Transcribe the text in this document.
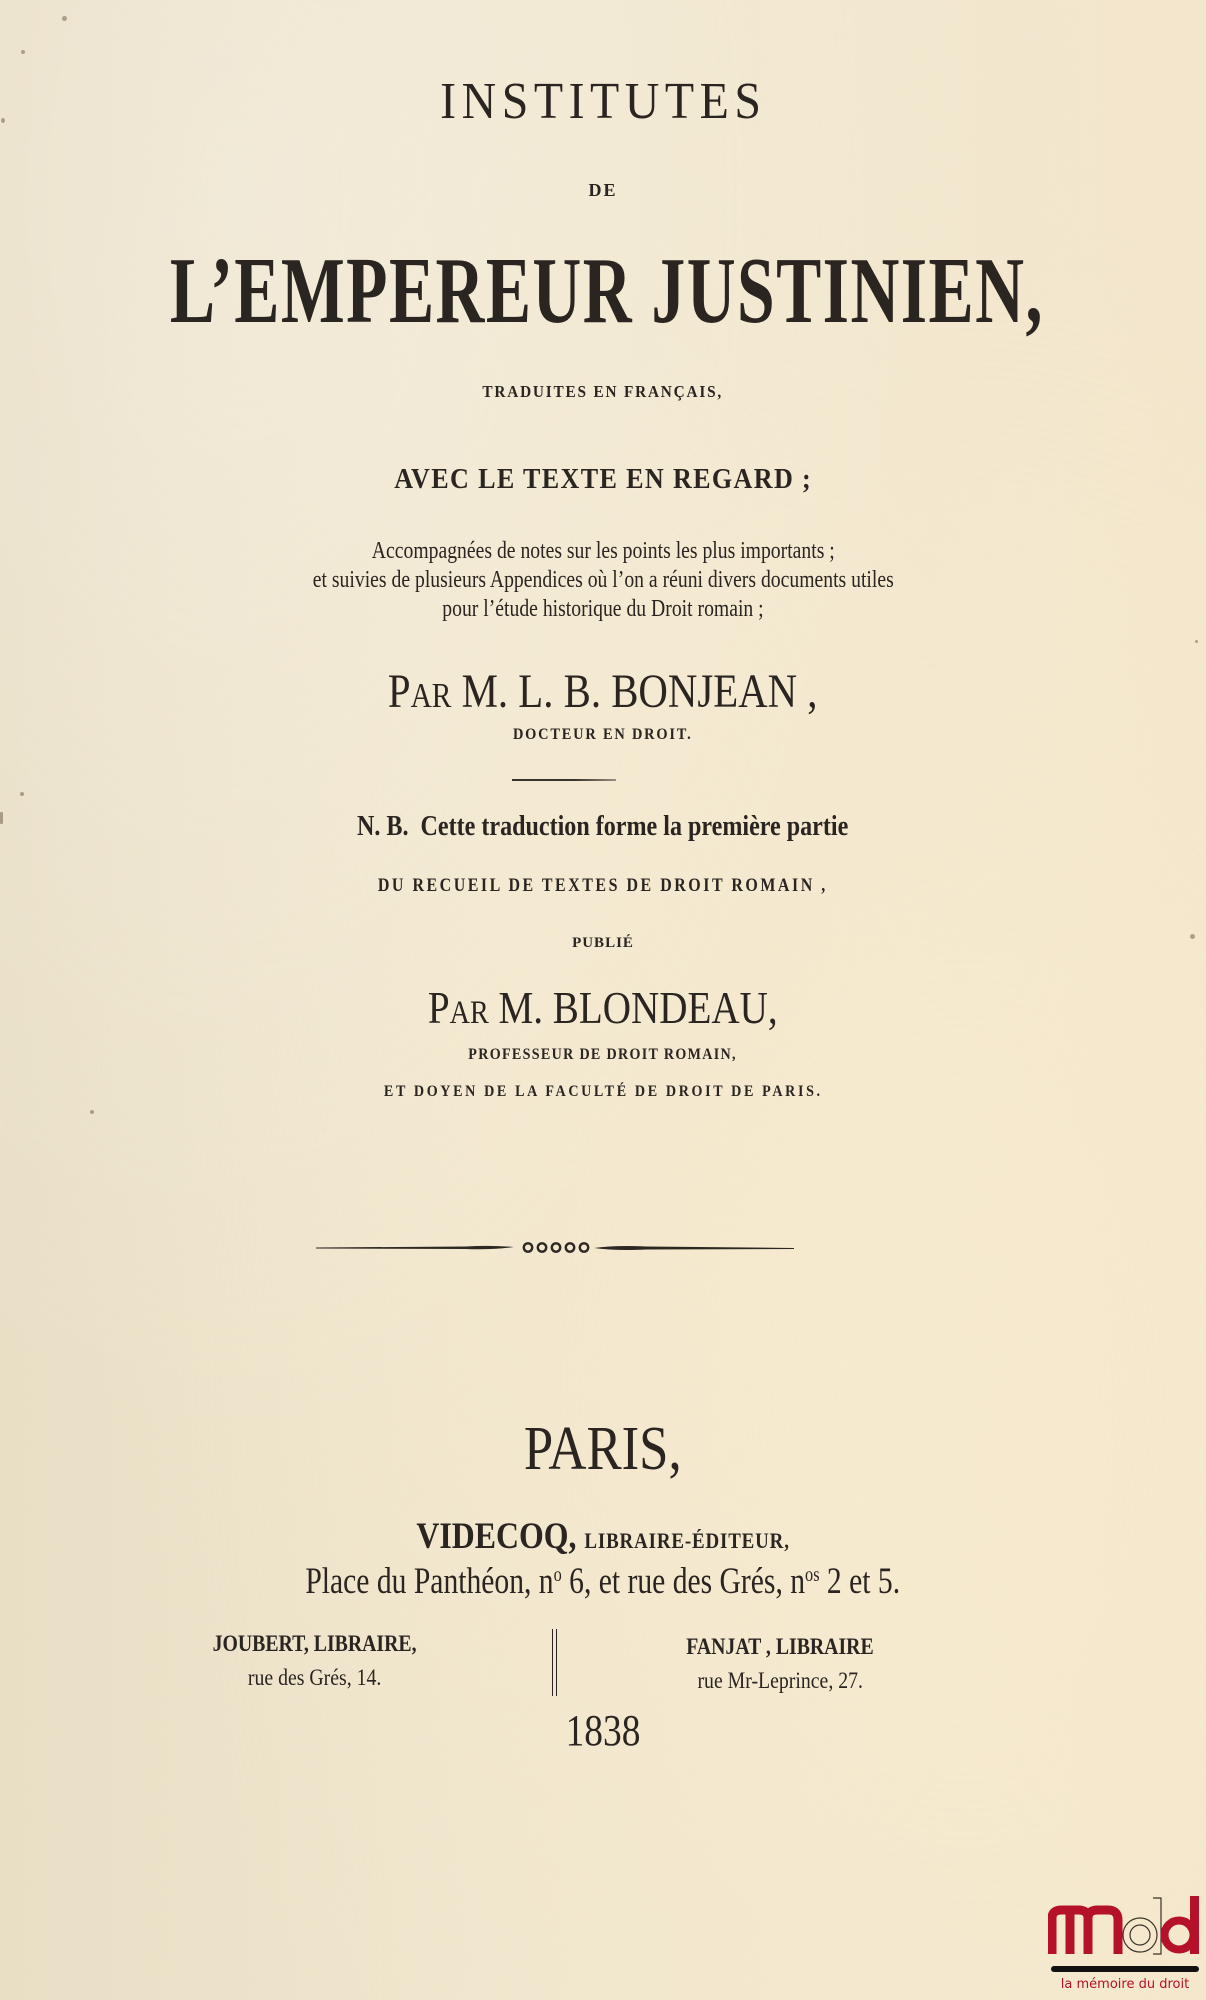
INSTITUTES
DE
L’EMPEREUR JUSTINIEN,
TRADUITES EN FRANÇAIS,
AVEC LE TEXTE EN REGARD ;
Accompagnées de notes sur les points les plus importants ;
et suivies de plusieurs Appendices où l’on a réuni divers documents utiles
pour l’étude historique du Droit romain ;
PAR M. L. B. BONJEAN ,
DOCTEUR EN DROIT.
N. B.  Cette traduction forme la première partie
DU RECUEIL DE TEXTES DE DROIT ROMAIN ,
PUBLIÉ
PAR M. BLONDEAU,
PROFESSEUR DE DROIT ROMAIN,
ET DOYEN DE LA FACULTÉ DE DROIT DE PARIS.
PARIS,
VIDECOQ, LIBRAIRE-ÉDITEUR,
Place du Panthéon, $n^o$ 6, et rue des Grés, $n^{os}$ 2 et 5.
JOUBERT, LIBRAIRE,
rue des Grés, 14.
FANJAT , LIBRAIRE
rue Mr-Leprince, 27.
1838
la mémoire du droit
